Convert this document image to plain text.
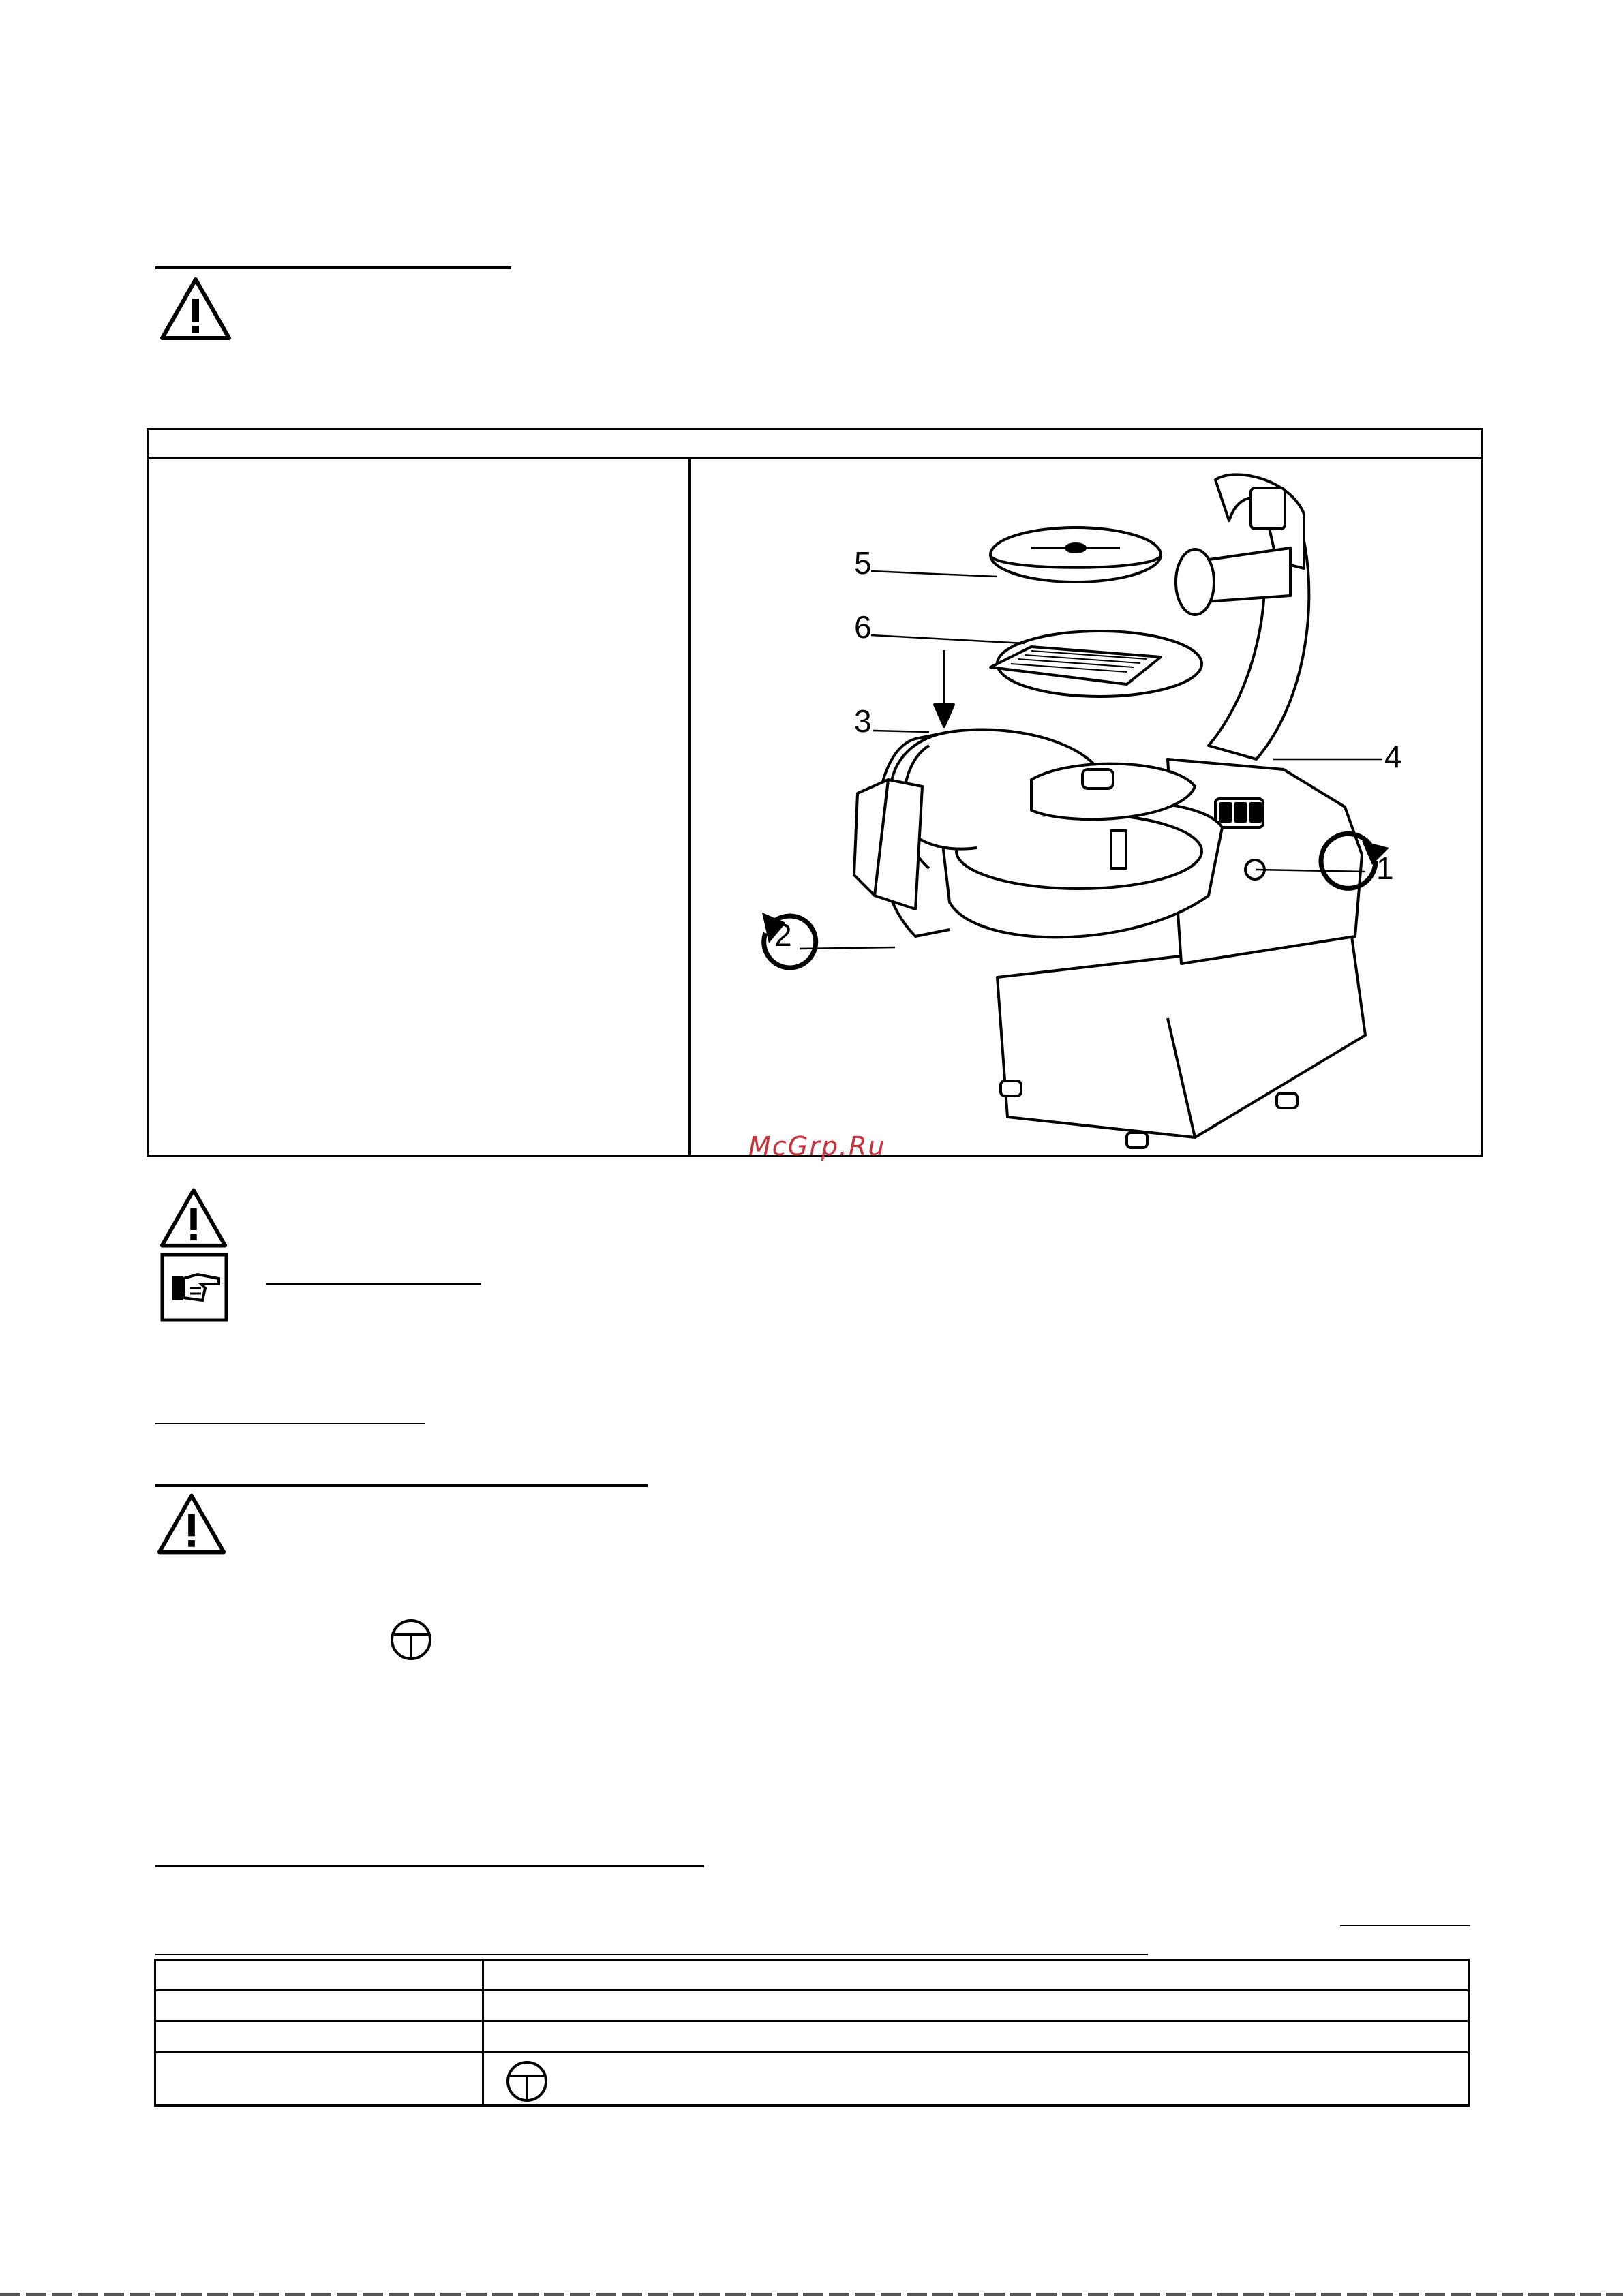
5
6
3
4
1
2
McGrp.Ru
